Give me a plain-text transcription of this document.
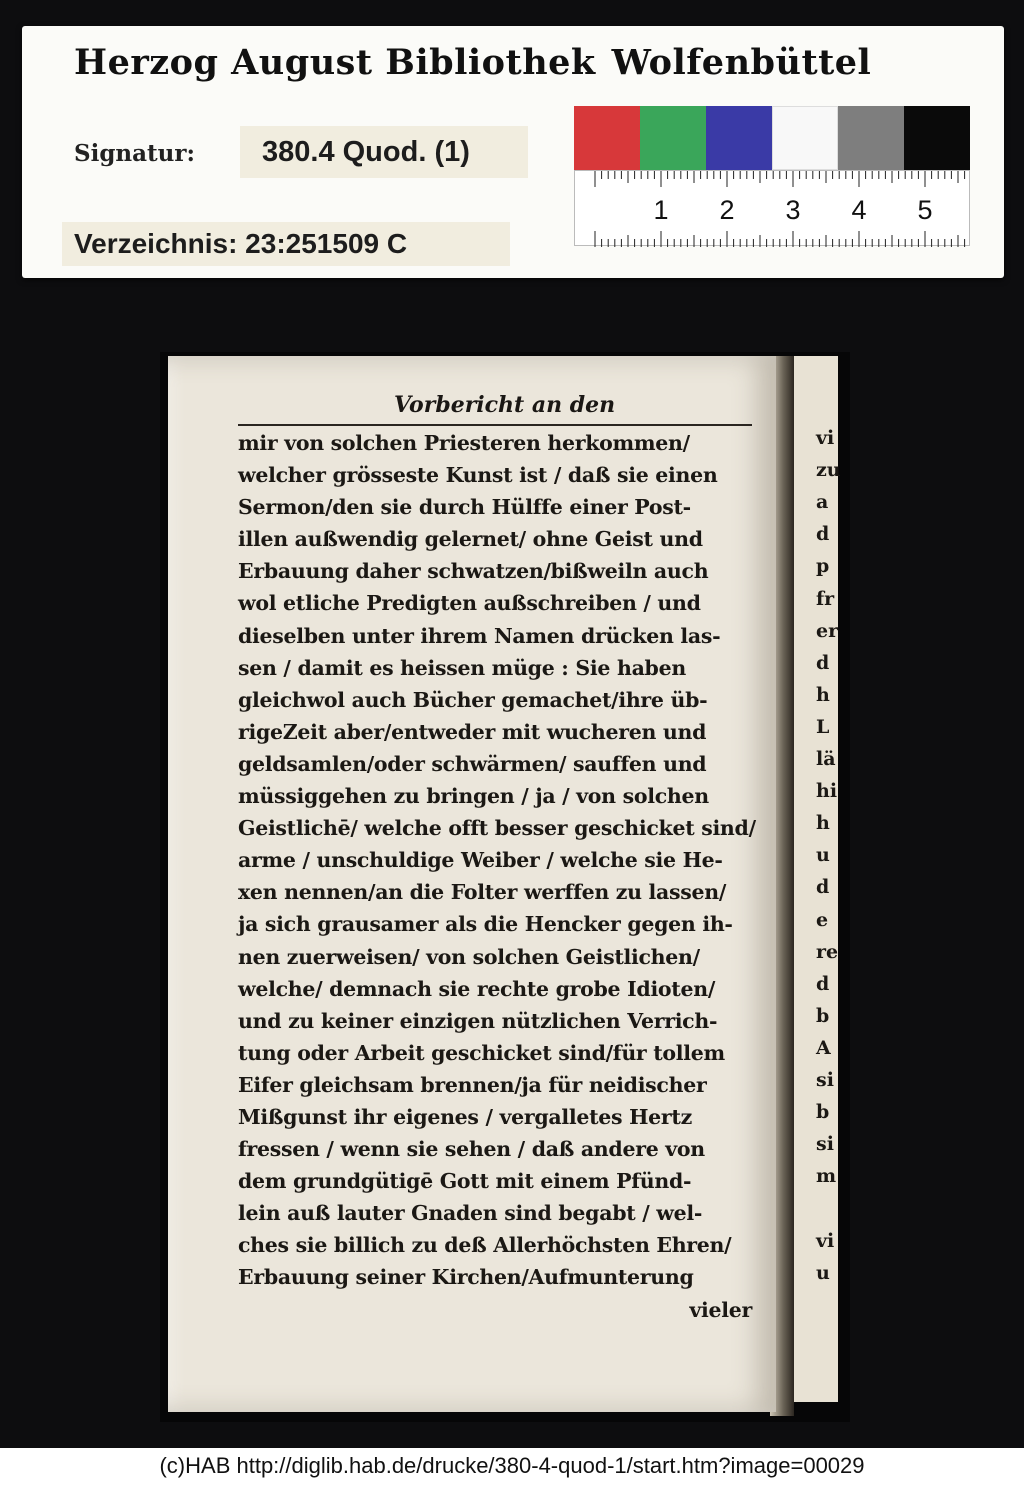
Herzog August Bibliothek Wolfenbüttel
Signatur:	380.4 Quod. (1)
Verzeichnis: 23:251509 C
1 2 3 4 5
vi
zu
a
d
p
fr
er
d
h
L
lä
hi
h
u
d
e
re
d
b
A
si
b
si
m
vi
u
Vorbericht an den
mir von solchen Priesteren herkommen/
welcher grösseste Kunst ist / daß sie einen
Sermon/den sie durch Hülffe einer Post-
illen außwendig gelernet/ ohne Geist und
Erbauung daher schwatzen/bißweiln auch
wol etliche Predigten außschreiben / und
dieselben unter ihrem Namen drücken las-
sen / damit es heissen müge : Sie haben
gleichwol auch Bücher gemachet/ihre üb-
rigeZeit aber/entweder mit wucheren und
geldsamlen/oder schwärmen/ sauffen und
müssiggehen zu bringen / ja / von solchen
Geistlichē/ welche offt besser geschicket sind/
arme / unschuldige Weiber / welche sie He-
xen nennen/an die Folter werffen zu lassen/
ja sich grausamer als die Hencker gegen ih-
nen zuerweisen/ von solchen Geistlichen/
welche/ demnach sie rechte grobe Idioten/
und zu keiner einzigen nützlichen Verrich-
tung oder Arbeit geschicket sind/für tollem
Eifer gleichsam brennen/ja für neidischer
Mißgunst ihr eigenes / vergalletes Hertz
fressen / wenn sie sehen / daß andere von
dem grundgütigē Gott mit einem Pfünd-
lein auß lauter Gnaden sind begabt / wel-
ches sie billich zu deß Allerhöchsten Ehren/
Erbauung seiner Kirchen/Aufmunterung
vieler
(c)HAB http://diglib.hab.de/drucke/380-4-quod-1/start.htm?image=00029
